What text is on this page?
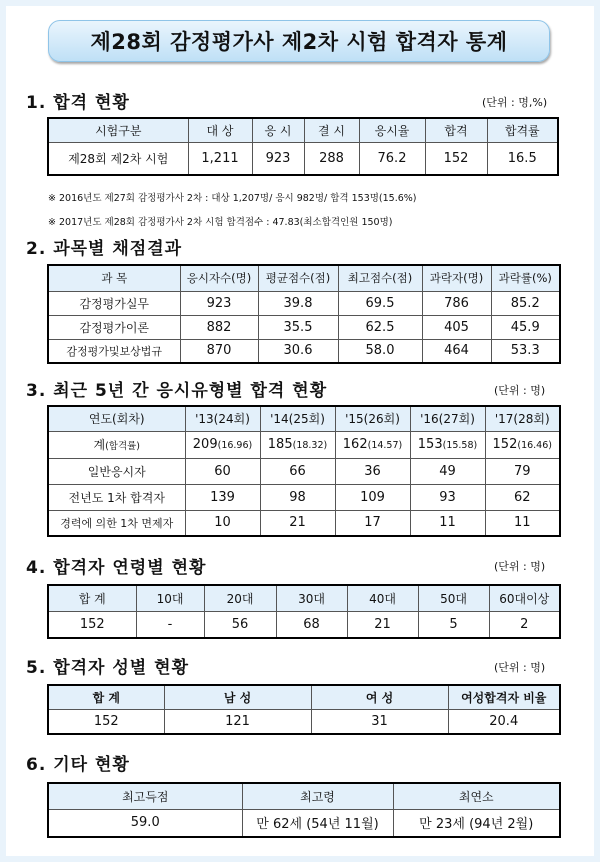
제28회 감정평가사 제2차 시험 합격자 통계
1. 합격 현황	(단위 : 명,%)
시험구분	대 상	응 시	결 시	응시율	합격	합격률
제28회 제2차 시험	1,211	923	288	76.2	152	16.5
※ 2016년도 제27회 감정평가사 2차 : 대상 1,207명/ 응시 982명/ 합격 153명(15.6%)
※ 2017년도 제28회 감정평가사 2차 시험 합격점수 : 47.83(최소합격인원 150명)
2. 과목별 채점결과
과 목	응시자수(명)	평균점수(점)	최고점수(점)	과락자(명)	과락률(%)
감정평가실무	923	39.8	69.5	786	85.2
감정평가이론	882	35.5	62.5	405	45.9
감정평가및보상법규	870	30.6	58.0	464	53.3
3. 최근 5년 간 응시유형별 합격 현황	(단위 : 명)
연도(회차)	'13(24회)	'14(25회)	'15(26회)	'16(27회)	'17(28회)
계(합격률)	209(16.96)	185(18.32)	162(14.57)	153(15.58)	152(16.46)
일반응시자	60	66	36	49	79
전년도 1차 합격자	139	98	109	93	62
경력에 의한 1차 면제자	10	21	17	11	11
4. 합격자 연령별 현황	(단위 : 명)
합 계	10대	20대	30대	40대	50대	60대이상
152	-	56	68	21	5	2
5. 합격자 성별 현황	(단위 : 명)
합 계	남 성	여 성	여성합격자 비율
152	121	31	20.4
6. 기타 현황
최고득점	최고령	최연소
59.0	만 62세 (54년 11월)	만 23세 (94년 2월)
